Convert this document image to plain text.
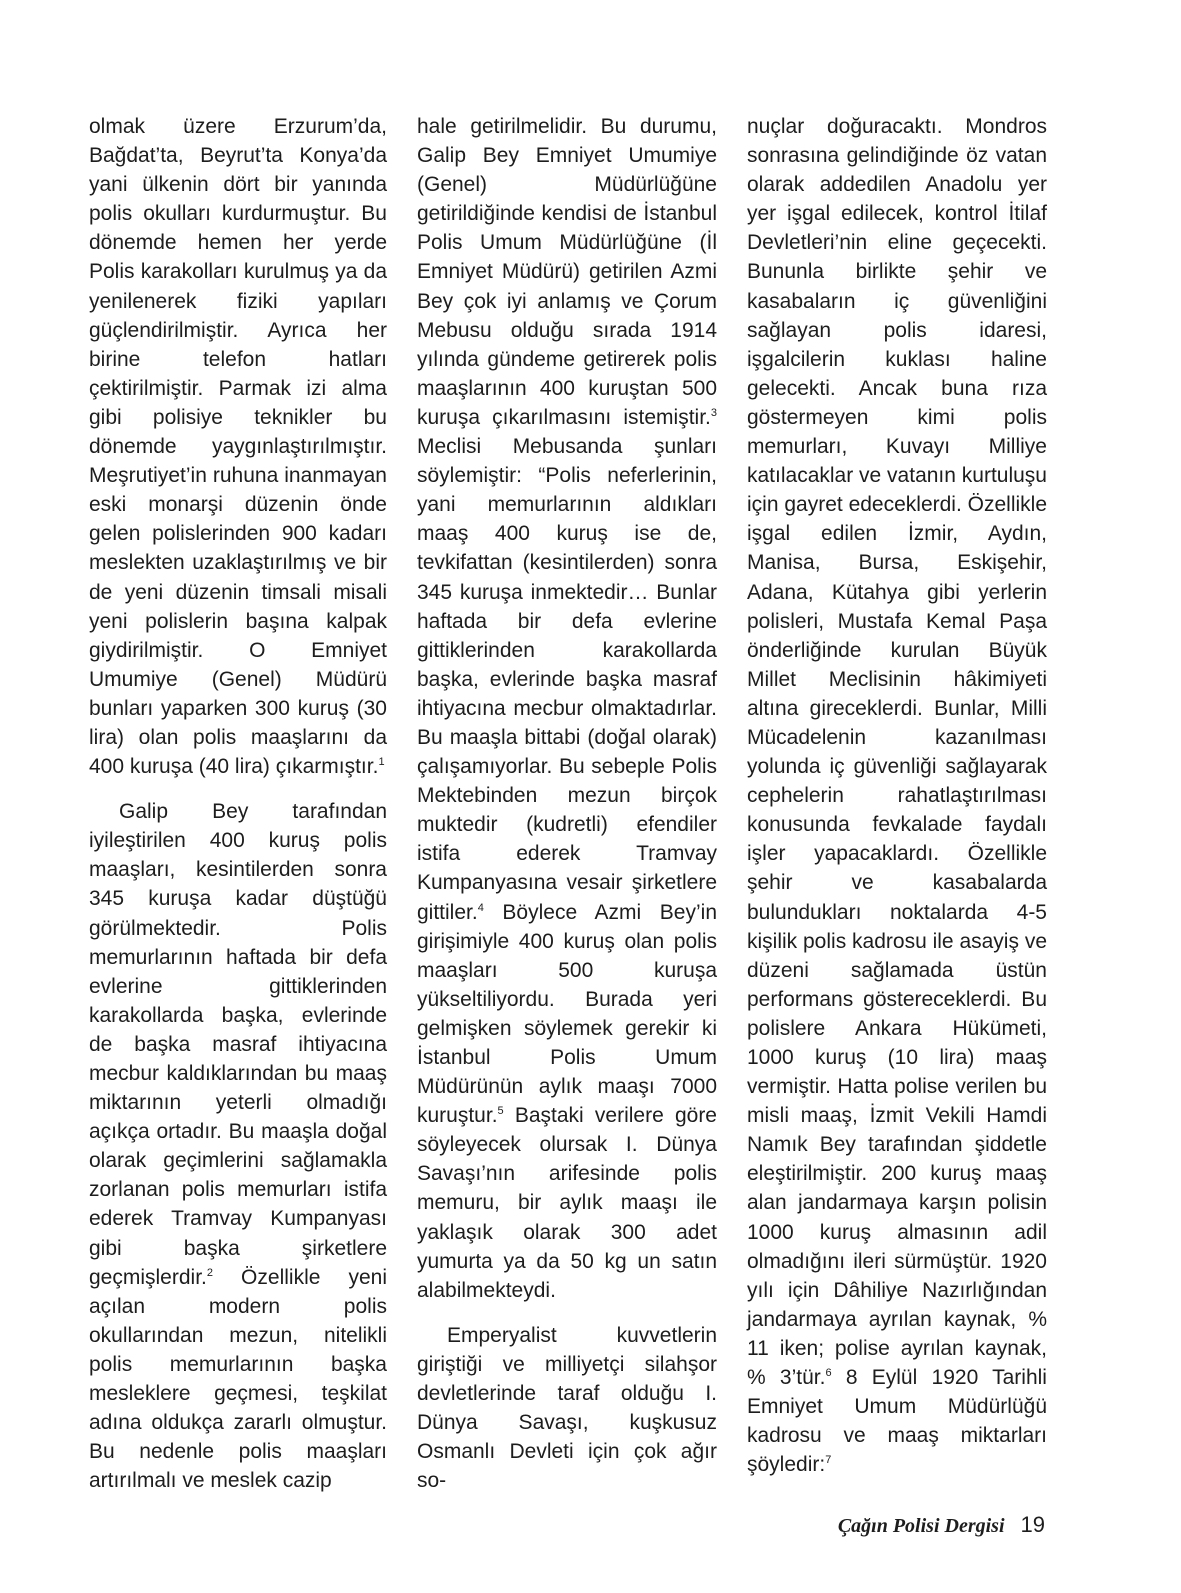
olmak üzere Erzurum’da, Bağdat’ta, Beyrut’ta Konya’da yani ülkenin dört bir yanında polis okulları kurdurmuştur. Bu dönemde hemen her yerde Polis karakolları kurulmuş ya da yenilenerek fiziki yapıları güçlendirilmiştir. Ayrıca her birine telefon hatları çektirilmiştir. Parmak izi alma gibi polisiye teknikler bu dönemde yaygınlaştırılmıştır. Meşrutiyet’in ruhuna inanmayan eski monarşi düzenin önde gelen polislerinden 900 kadarı meslekten uzaklaştırılmış ve bir de yeni düzenin timsali misali yeni polislerin başına kalpak giydirilmiştir. O Emniyet Umumiye (Genel) Müdürü bunları yaparken 300 kuruş (30 lira) olan polis maaşlarını da 400 kuruşa (40 lira) çıkarmıştır.$^1$

Galip Bey tarafından iyileştirilen 400 kuruş polis maaşları, kesintilerden sonra 345 kuruşa kadar düştüğü görülmektedir. Polis memurlarının haftada bir defa evlerine gittiklerinden karakollarda başka, evlerinde de başka masraf ihtiyacına mecbur kaldıklarından bu maaş miktarının yeterli olmadığı açıkça ortadır. Bu maaşla doğal olarak geçimlerini sağlamakla zorlanan polis memurları istifa ederek Tramvay Kumpanyası gibi başka şirketlere geçmişlerdir.$^2$ Özellikle yeni açılan modern polis okullarından mezun, nitelikli polis memurlarının başka mesleklere geçmesi, teşkilat adına oldukça zararlı olmuştur. Bu nedenle polis maaşları artırılmalı ve meslek cazip

hale getirilmelidir. Bu durumu, Galip Bey Emniyet Umumiye (Genel) Müdürlüğüne getirildiğinde kendisi de İstanbul Polis Umum Müdürlüğüne (İl Emniyet Müdürü) getirilen Azmi Bey çok iyi anlamış ve Çorum Mebusu olduğu sırada 1914 yılında gündeme getirerek polis maaşlarının 400 kuruştan 500 kuruşa çıkarılmasını istemiştir.$^3$ Meclisi Mebusanda şunları söylemiştir: “Polis neferlerinin, yani memurlarının aldıkları maaş 400 kuruş ise de, tevkifattan (kesintilerden) sonra 345 kuruşa inmektedir… Bunlar haftada bir defa evlerine gittiklerinden karakollarda başka, evlerinde başka masraf ihtiyacına mecbur olmaktadırlar. Bu maaşla bittabi (doğal olarak) çalışamıyorlar. Bu sebeple Polis Mektebinden mezun birçok muktedir (kudretli) efendiler istifa ederek Tramvay Kumpanyasına vesair şirketlere gittiler.$^4$ Böylece Azmi Bey’in girişimiyle 400 kuruş olan polis maaşları 500 kuruşa yükseltiliyordu. Burada yeri gelmişken söylemek gerekir ki İstanbul Polis Umum Müdürünün aylık maaşı 7000 kuruştur.$^5$ Baştaki verilere göre söyleyecek olursak I. Dünya Savaşı’nın arifesinde polis memuru, bir aylık maaşı ile yaklaşık olarak 300 adet yumurta ya da 50 kg un satın alabilmekteydi.

Emperyalist kuvvetlerin giriştiği ve milliyetçi silahşor devletlerinde taraf olduğu I. Dünya Savaşı, kuşkusuz Osmanlı Devleti için çok ağır so-

nuçlar doğuracaktı. Mondros sonrasına gelindiğinde öz vatan olarak addedilen Anadolu yer yer işgal edilecek, kontrol İtilaf Devletleri’nin eline geçecekti. Bununla birlikte şehir ve kasabaların iç güvenliğini sağlayan polis idaresi, işgalcilerin kuklası haline gelecekti. Ancak buna rıza göstermeyen kimi polis memurları, Kuvayı Milliye katılacaklar ve vatanın kurtuluşu için gayret edeceklerdi. Özellikle işgal edilen İzmir, Aydın, Manisa, Bursa, Eskişehir, Adana, Kütahya gibi yerlerin polisleri, Mustafa Kemal Paşa önderliğinde kurulan Büyük Millet Meclisinin hâkimiyeti altına gireceklerdi. Bunlar, Milli Mücadelenin kazanılması yolunda iç güvenliği sağlayarak cephelerin rahatlaştırılması konusunda fevkalade faydalı işler yapacaklardı. Özellikle şehir ve kasabalarda bulundukları noktalarda 4-5 kişilik polis kadrosu ile asayiş ve düzeni sağlamada üstün performans göstereceklerdi. Bu polislere Ankara Hükümeti, 1000 kuruş (10 lira) maaş vermiştir. Hatta polise verilen bu misli maaş, İzmit Vekili Hamdi Namık Bey tarafından şiddetle eleştirilmiştir. 200 kuruş maaş alan jandarmaya karşın polisin 1000 kuruş almasının adil olmadığını ileri sürmüştür. 1920 yılı için Dâhiliye Nazırlığından jandarmaya ayrılan kaynak, % 11 iken; polise ayrılan kaynak, % 3’tür.$^6$ 8 Eylül 1920 Tarihli Emniyet Umum Müdürlüğü kadrosu ve maaş miktarları şöyledir:$^7$

Çağın Polisi Dergisi 19
